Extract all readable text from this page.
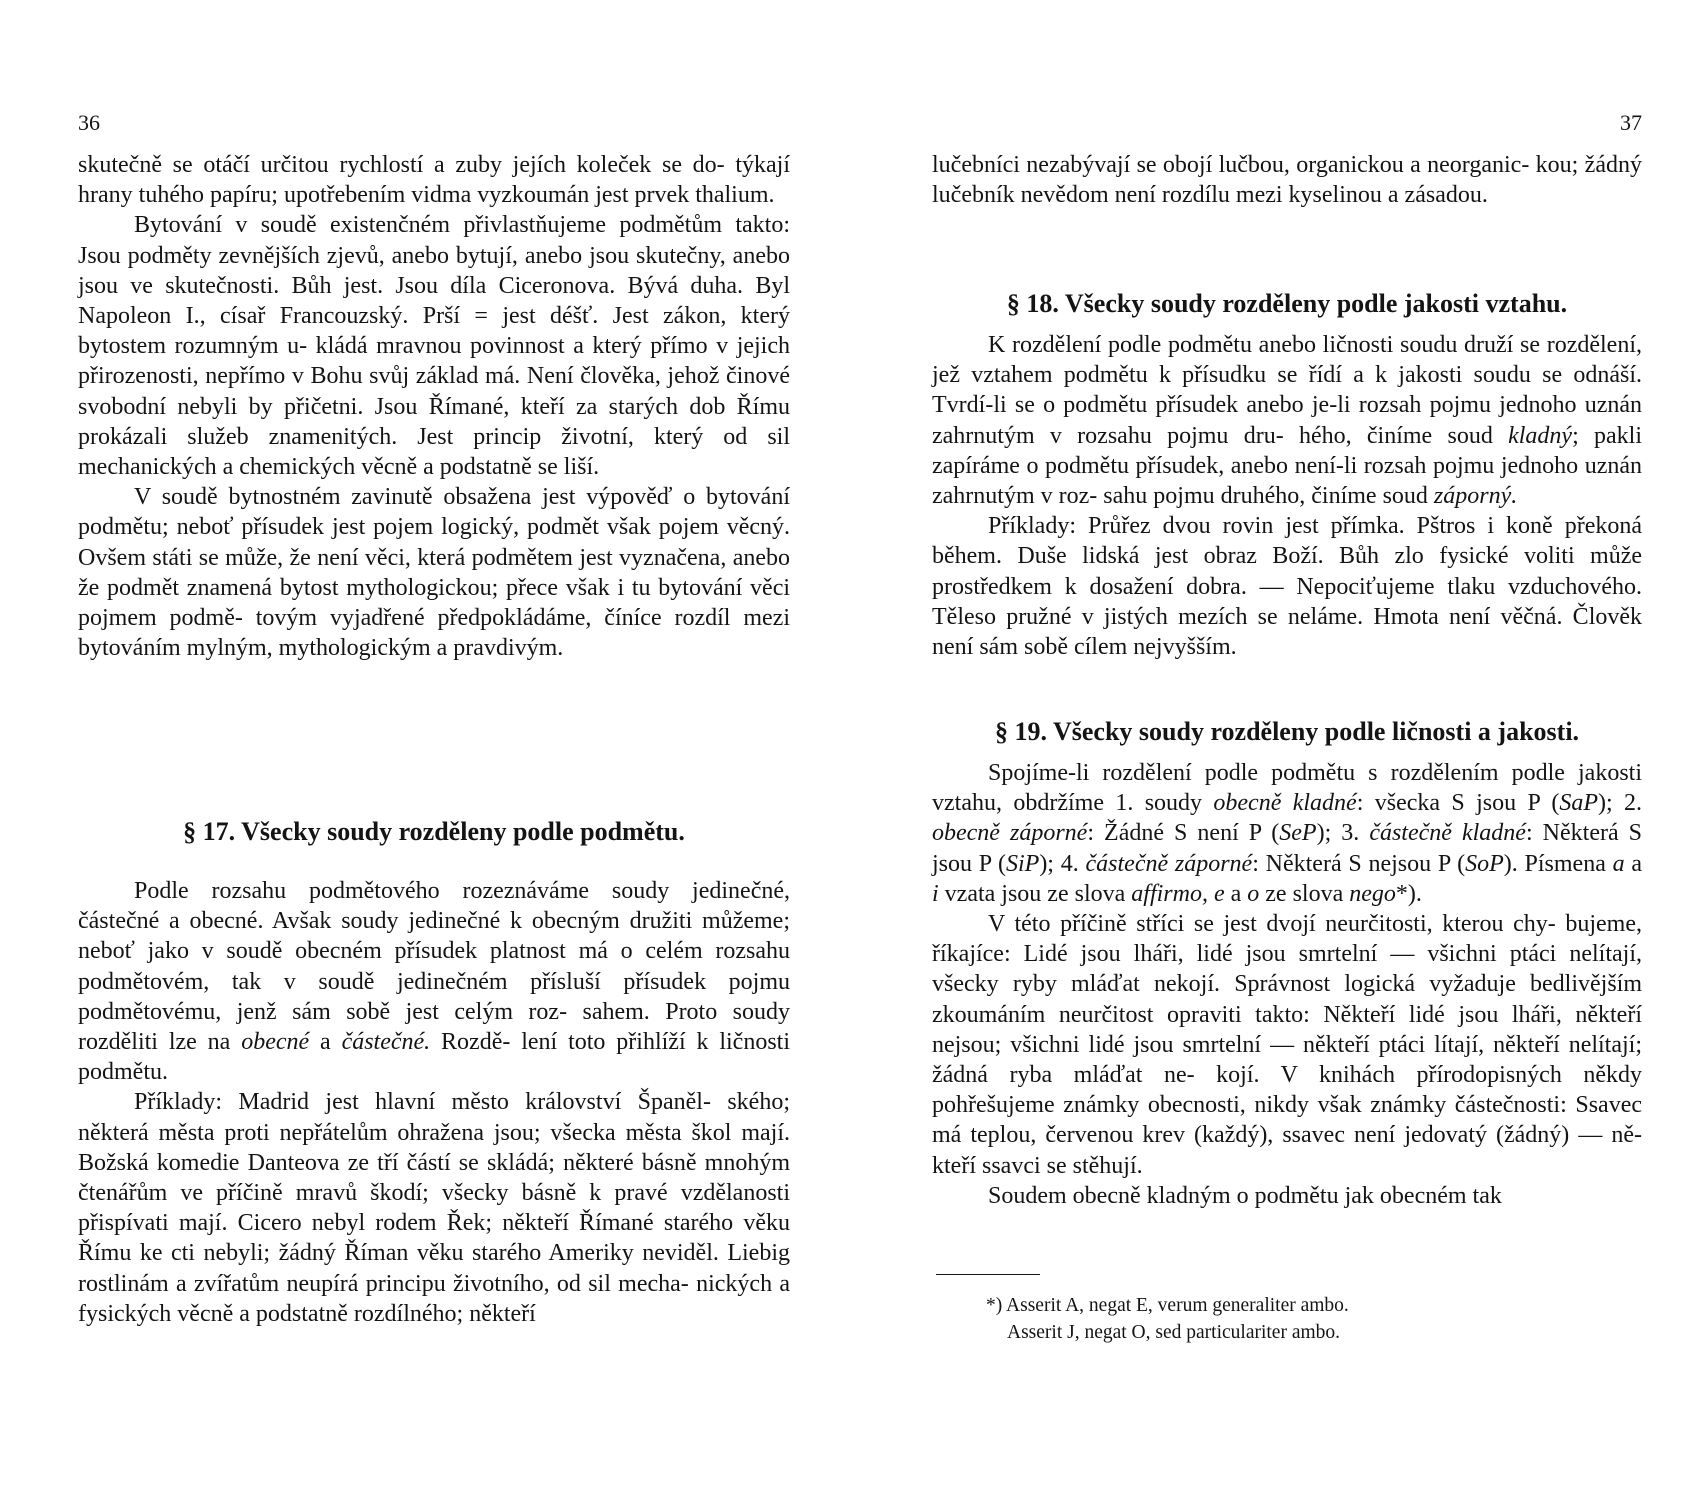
36

skutečně se otáčí určitou rychlostí a zuby jejích koleček se do- týkají hrany tuhého papíru; upotřebením vidma vyzkoumán jest prvek thalium.

Bytování v soudě existenčném přivlastňujeme podmětům takto: Jsou podměty zevnějších zjevů, anebo bytují, anebo jsou skutečny, anebo jsou ve skutečnosti. Bůh jest. Jsou díla Ciceronova. Bývá duha. Byl Napoleon I., císař Francouzský. Prší = jest déšť. Jest zákon, který bytostem rozumným u- kládá mravnou povinnost a který přímo v jejich přirozenosti, nepřímo v Bohu svůj základ má. Není člověka, jehož činové svobodní nebyli by přičetni. Jsou Římané, kteří za starých dob Římu prokázali služeb znamenitých. Jest princip životní, který od sil mechanických a chemických věcně a podstatně se liší.

V soudě bytnostném zavinutě obsažena jest výpověď o bytování podmětu; neboť přísudek jest pojem logický, podmět však pojem věcný. Ovšem státi se může, že není věci, která podmětem jest vyznačena, anebo že podmět znamená bytost mythologickou; přece však i tu bytování věci pojmem podmě- tovým vyjadřené předpokládáme, číníce rozdíl mezi bytováním mylným, mythologickým a pravdivým.

§ 17. Všecky soudy rozděleny podle podmětu.

Podle rozsahu podmětového rozeznáváme soudy jedinečné, částečné a obecné. Avšak soudy jedinečné k obecným družiti můžeme; neboť jako v soudě obecném přísudek platnost má o celém rozsahu podmětovém, tak v soudě jedinečném přísluší přísudek pojmu podmětovému, jenž sám sobě jest celým roz- sahem. Proto soudy rozděliti lze na obecné a částečné. Rozdě- lení toto přihlíží k ličnosti podmětu.

Příklady: Madrid jest hlavní město království Španěl- ského; některá města proti nepřátelům ohražena jsou; všecka města škol mají. Božská komedie Danteova ze tří částí se skládá; některé básně mnohým čtenářům ve příčině mravů škodí; všecky básně k pravé vzdělanosti přispívati mají. Cicero nebyl rodem Řek; někteří Římané starého věku Římu ke cti nebyli; žádný Říman věku starého Ameriky neviděl. Liebig rostlinám a zvířatům neupírá principu životního, od sil mecha- nických a fysických věcně a podstatně rozdílného; někteří

37

lučebníci nezabývají se obojí lučbou, organickou a neorganic- kou; žádný lučebník nevědom není rozdílu mezi kyselinou a zásadou.

§ 18. Všecky soudy rozděleny podle jakosti vztahu.

K rozdělení podle podmětu anebo ličnosti soudu druží se rozdělení, jež vztahem podmětu k přísudku se řídí a k jakosti soudu se odnáší. Tvrdí-li se o podmětu přísudek anebo je-li rozsah pojmu jednoho uznán zahrnutým v rozsahu pojmu dru- hého, činíme soud kladný; pakli zapíráme o podmětu přísudek, anebo není-li rozsah pojmu jednoho uznán zahrnutým v roz- sahu pojmu druhého, činíme soud záporný.

Příklady: Průřez dvou rovin jest přímka. Pštros i koně překoná během. Duše lidská jest obraz Boží. Bůh zlo fysické voliti může prostředkem k dosažení dobra. — Nepociťujeme tlaku vzduchového. Těleso pružné v jistých mezích se nelámе. Hmota není věčná. Člověk není sám sobě cílem nejvyšším.

§ 19. Všecky soudy rozděleny podle ličnosti a jakosti.

Spojíme-li rozdělení podle podmětu s rozdělením podle jakosti vztahu, obdržíme 1. soudy obecně kladné: všecka S jsou P (SaP); 2. obecně záporné: Žádné S není P (SeP); 3. částečně kladné: Některá S jsou P (SiP); 4. částečně záporné: Některá S nejsou P (SoP). Písmena a a i vzata jsou ze slova affirmo, e a o ze slova nego*).

V této příčině stříci se jest dvojí neurčitosti, kterou chy- bujeme, říkajíce: Lidé jsou lháři, lidé jsou smrtelní — všichni ptáci nelítají, všecky ryby mláďat nekojí. Správnost logická vyžaduje bedlivějším zkoumáním neurčitost opraviti takto: Někteří lidé jsou lháři, někteří nejsou; všichni lidé jsou smrtelní — někteří ptáci lítají, někteří nelítají; žádná ryba mláďat ne- kojí. V knihách přírodopisných někdy pohřešujeme známky obecnosti, nikdy však známky částečnosti: Ssavec má teplou, červenou krev (každý), ssavec není jedovatý (žádný) — ně- kteří ssavci se stěhují.

Soudem obecně kladným o podmětu jak obecném tak

*) Asserit A, negat E, verum generaliter ambo.
Asserit J, negat O, sed particulariter ambo.
